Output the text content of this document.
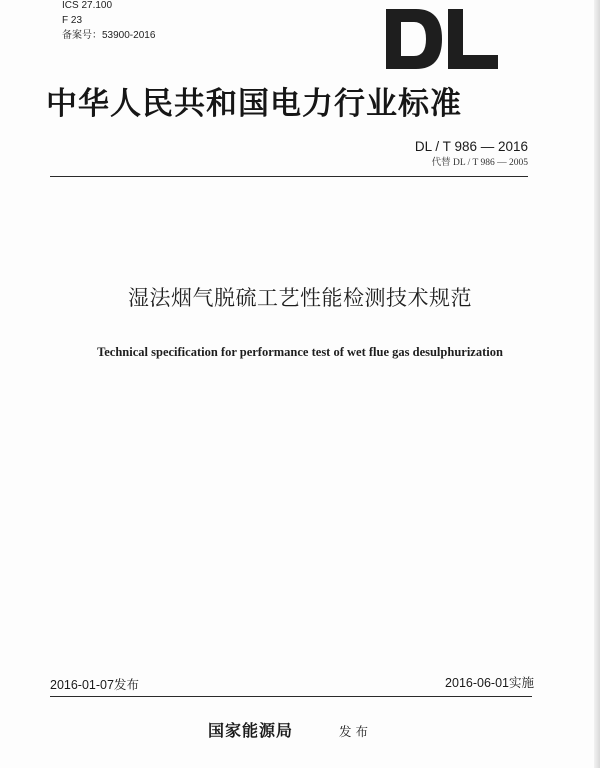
ICS 27.100
F 23
备案号：53900-2016
中华人民共和国电力行业标准
DL / T 986 — 2016
代替 DL / T 986 — 2005
湿法烟气脱硫工艺性能检测技术规范
Technical specification for performance test of wet flue gas desulphurization
2016-01-07发布	2016-06-01实施
国家能源局	发布
